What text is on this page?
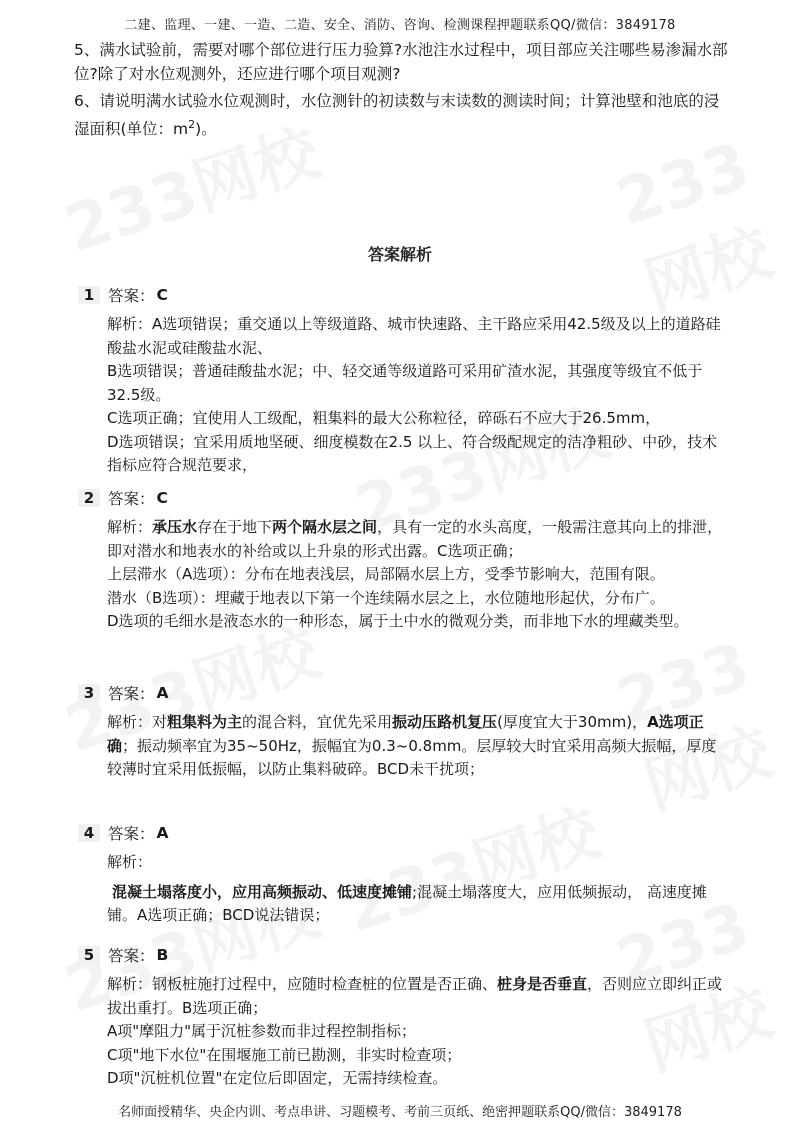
二建、监理、一建、一造、二造、安全、消防、咨询、检测课程押题联系QQ/微信：3849178

5、满水试验前，需要对哪个部位进行压力验算?水池注水过程中，项目部应关注哪些易渗漏水部位?除了对水位观测外，还应进行哪个项目观测?

6、请说明满水试验水位观测时，水位测针的初读数与末读数的测读时间；计算池壁和池底的浸湿面积(单位：$m^2$)。

答案解析
1 答案： C

解析：A选项错误；重交通以上等级道路、城市快速路、主干路应采用42.5级及以上的道路硅酸盐水泥或硅酸盐水泥、

B选项错误；普通硅酸盐水泥；中、轻交通等级道路可采用矿渣水泥，其强度等级宜不低于32.5级。

C选项正确；宜使用人工级配，粗集料的最大公称粒径，碎砾石不应大于26.5mm，

D选项错误；宜采用质地坚硬、细度模数在2.5 以上、符合级配规定的洁净粗砂、中砂，技术指标应符合规范要求，

2 答案： C

解析：承压水存在于地下两个隔水层之间，具有一定的水头高度，一般需注意其向上的排泄，即对潜水和地表水的补给或以上升泉的形式出露。C选项正确；

上层滞水（A选项）：分布在地表浅层，局部隔水层上方，受季节影响大，范围有限。

潜水（B选项）：埋藏于地表以下第一个连续隔水层之上，水位随地形起伏，分布广。

D选项的毛细水是液态水的一种形态，属于土中水的微观分类，而非地下水的埋藏类型。

3 答案： A

解析：对粗集料为主的混合料，宜优先采用振动压路机复压(厚度宜大于30mm)，A选项正确；振动频率宜为35~50Hz，振幅宜为0.3~0.8mm。层厚较大时宜采用高频大振幅，厚度较薄时宜采用低振幅，以防止集料破碎。BCD未干扰项；

4 答案： A

解析：

混凝土塌落度小，应用高频振动、低速度摊铺;混凝土塌落度大，应用低频振动， 高速度摊铺。A选项正确；BCD说法错误；

5 答案： B

解析：钢板桩施打过程中，应随时检查桩的位置是否正确、桩身是否垂直，否则应立即纠正或拔出重打。B选项正确；

A项"摩阻力"属于沉桩参数而非过程控制指标；

C项"地下水位"在围堰施工前已勘测，非实时检查项；

D项"沉桩机位置"在定位后即固定，无需持续检查。

名师面授精华、央企内训、考点串讲、习题模考、考前三页纸、绝密押题联系QQ/微信：3849178
